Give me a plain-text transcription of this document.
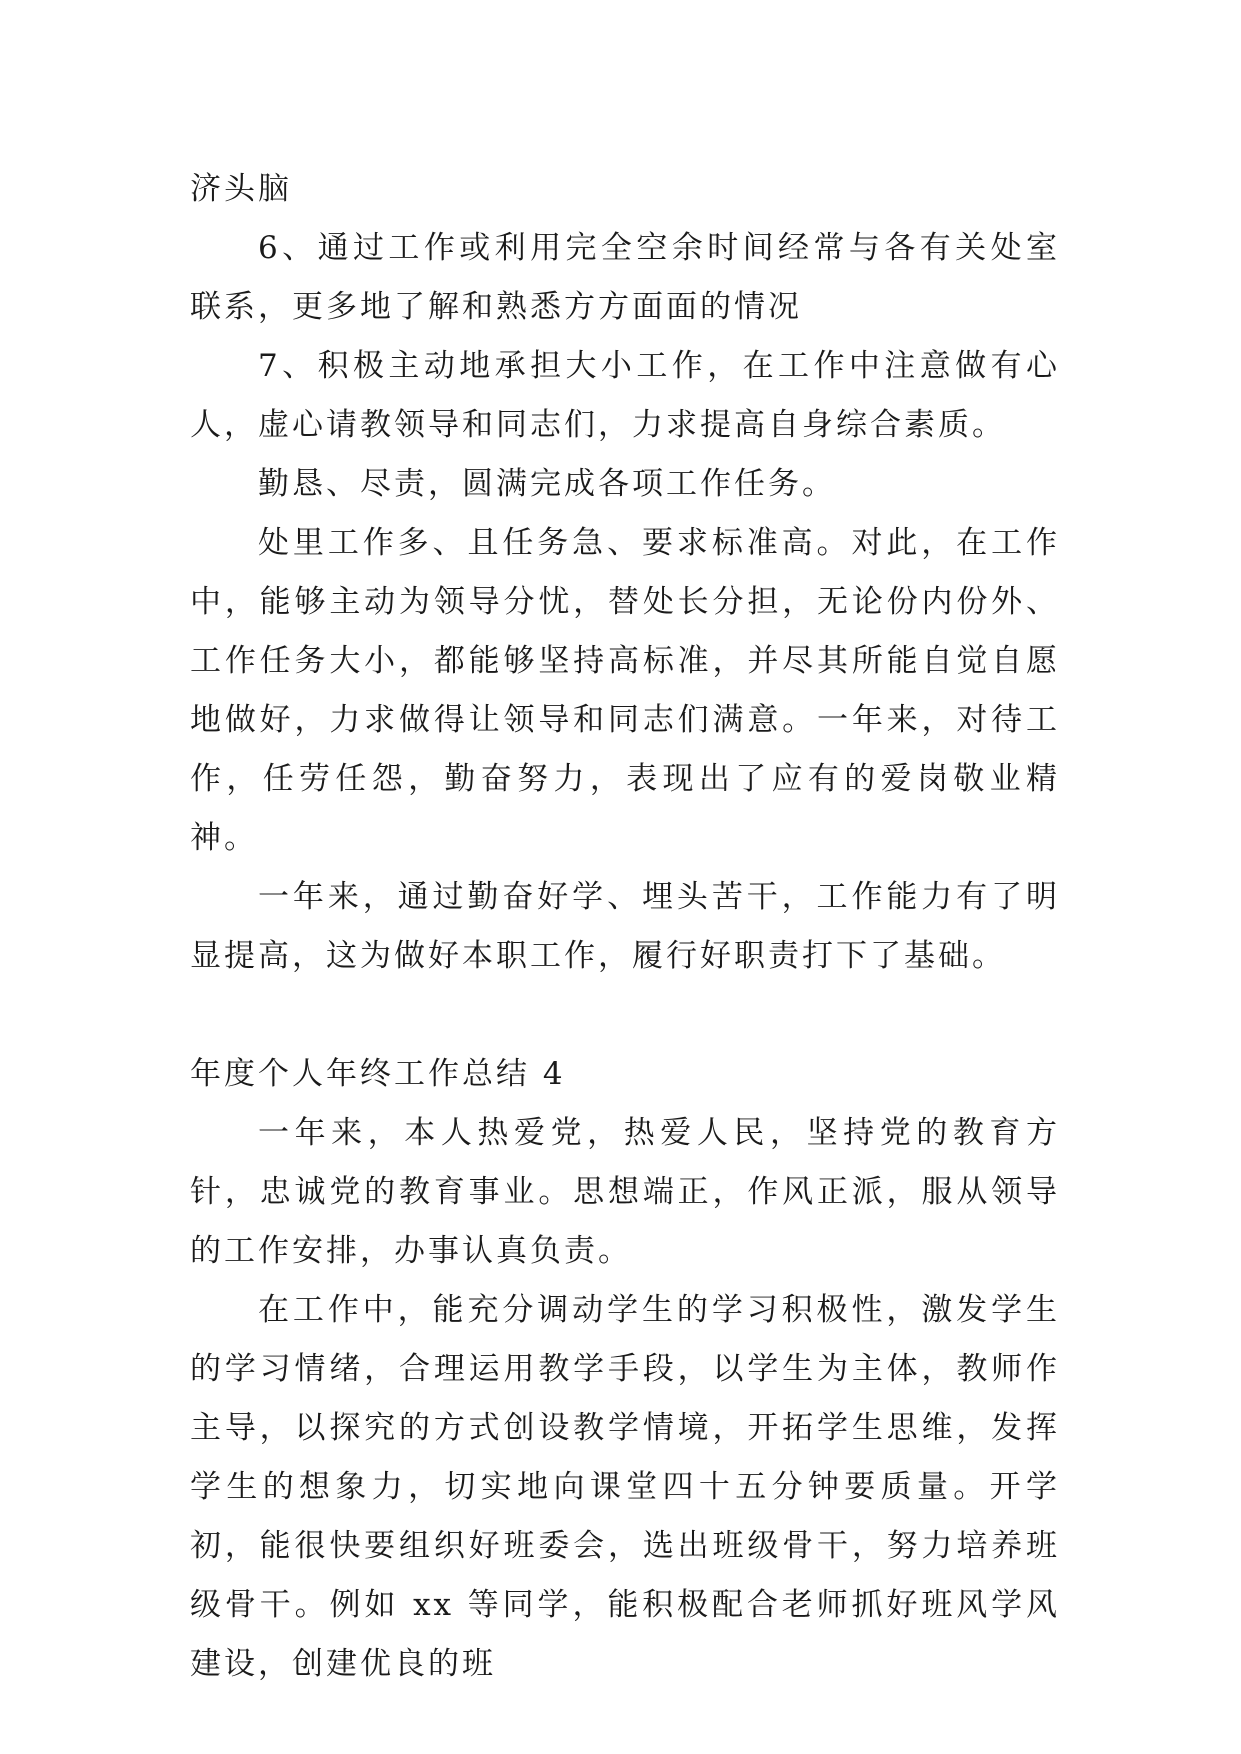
济头脑

6、通过工作或利用完全空余时间经常与各有关处室联系，更多地了解和熟悉方方面面的情况

7、积极主动地承担大小工作，在工作中注意做有心人，虚心请教领导和同志们，力求提高自身综合素质。

勤恳、尽责，圆满完成各项工作任务。

处里工作多、且任务急、要求标准高。对此，在工作中，能够主动为领导分忧，替处长分担，无论份内份外、工作任务大小，都能够坚持高标准，并尽其所能自觉自愿地做好，力求做得让领导和同志们满意。一年来，对待工作，任劳任怨，勤奋努力，表现出了应有的爱岗敬业精神。

一年来，通过勤奋好学、埋头苦干，工作能力有了明显提高，这为做好本职工作，履行好职责打下了基础。

年度个人年终工作总结 4

一年来，本人热爱党，热爱人民，坚持党的教育方针，忠诚党的教育事业。思想端正，作风正派，服从领导的工作安排，办事认真负责。

在工作中，能充分调动学生的学习积极性，激发学生的学习情绪，合理运用教学手段，以学生为主体，教师作主导，以探究的方式创设教学情境，开拓学生思维，发挥学生的想象力，切实地向课堂四十五分钟要质量。开学初，能很快要组织好班委会，选出班级骨干，努力培养班级骨干。例如 xx 等同学，能积极配合老师抓好班风学风建设，创建优良的班
